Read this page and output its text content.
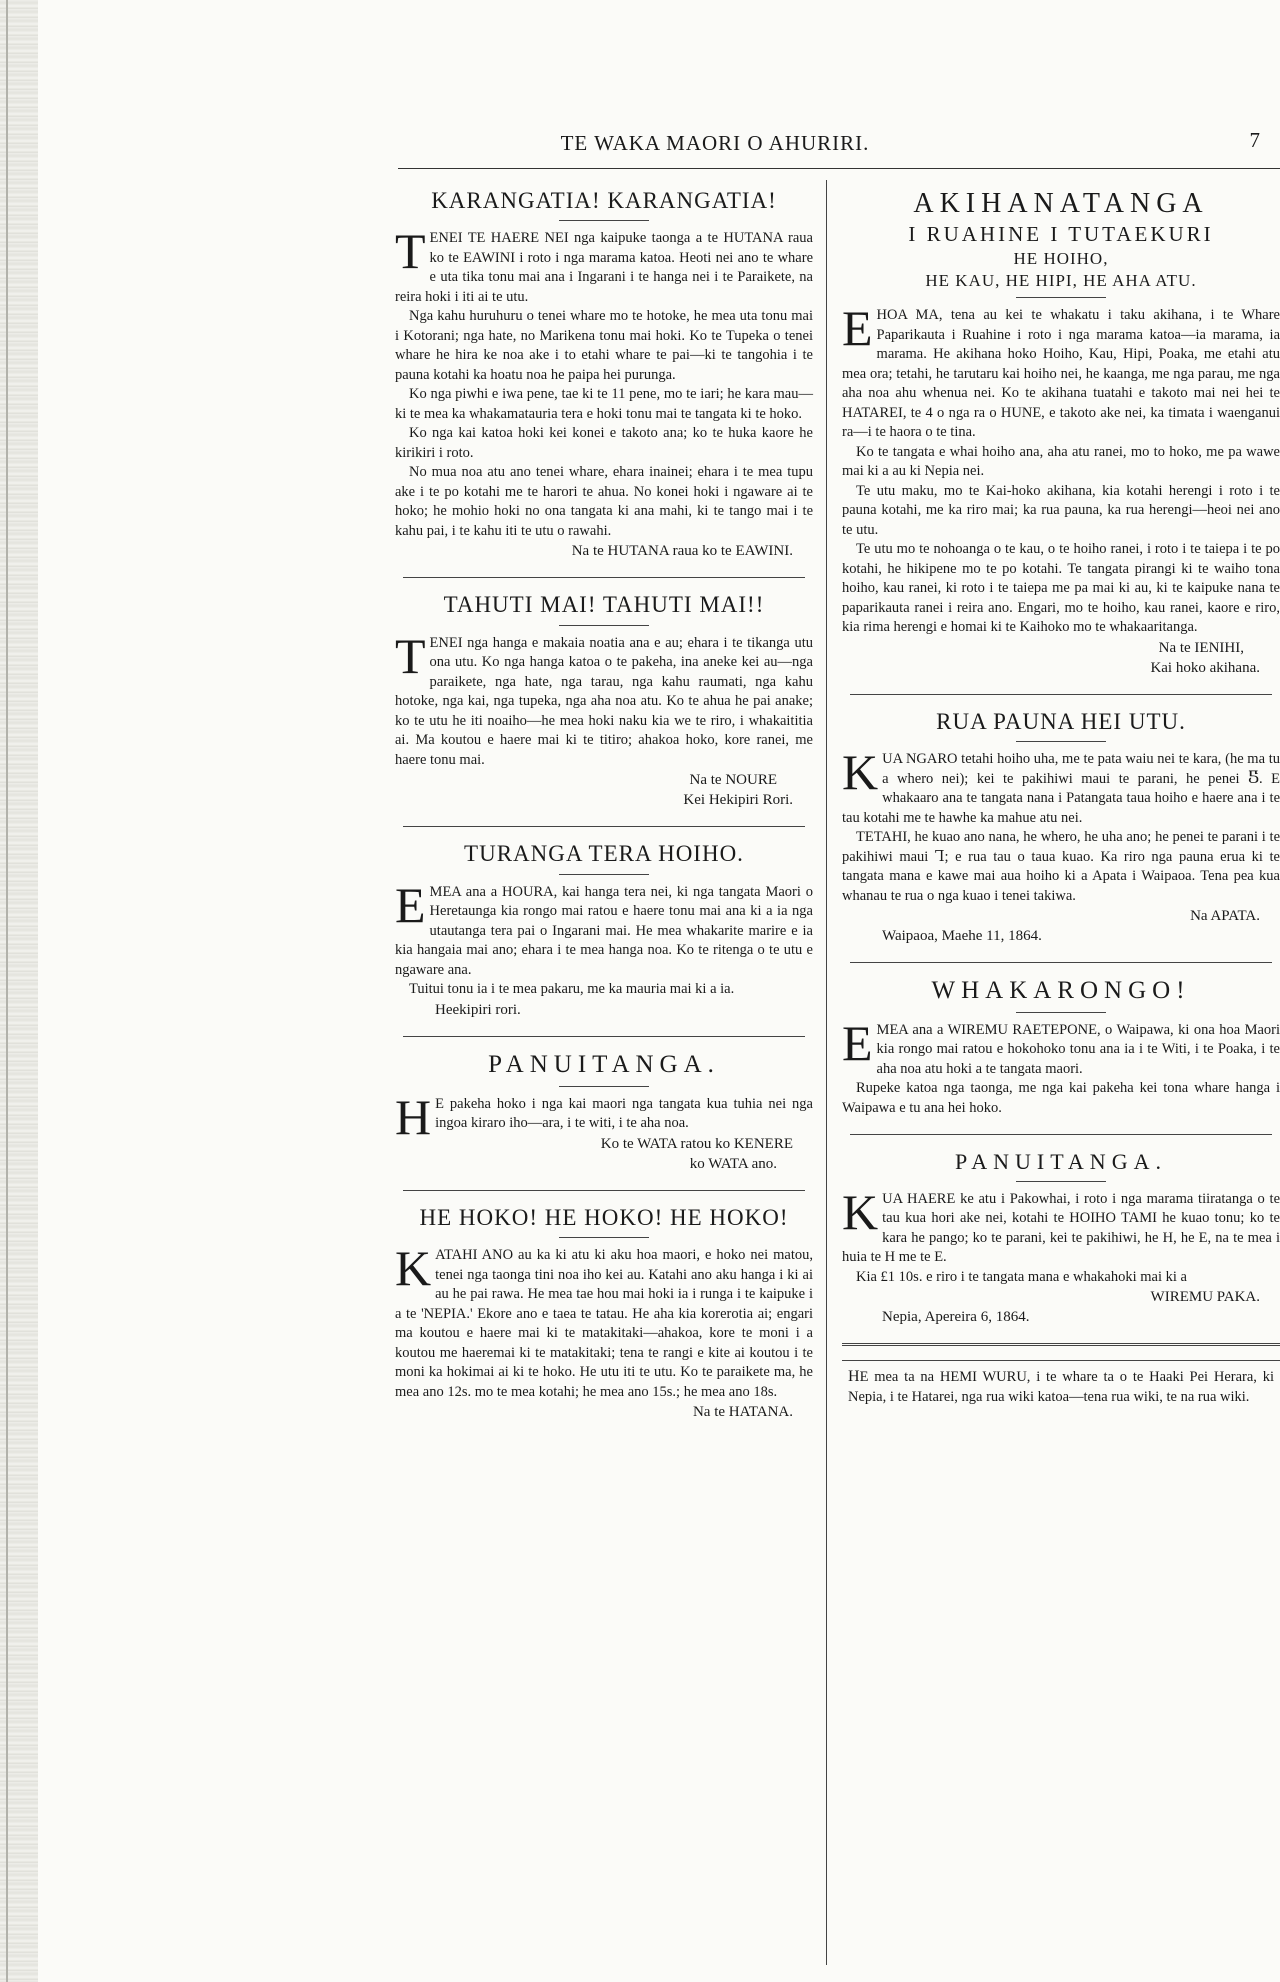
TE WAKA MAORI O AHURIRI.	7
KARANGATIA! KARANGATIA!

TENEI TE HAERE NEI nga kaipuke taonga a te HUTANA raua ko te EAWINI i roto i nga marama katoa. Heoti nei ano te whare e uta tika tonu mai ana i Ingarani i te hanga nei i te Paraikete, na reira hoki i iti ai te utu.

Nga kahu huruhuru o tenei whare mo te hotoke, he mea uta tonu mai i Kotorani; nga hate, no Marikena tonu mai hoki. Ko te Tupeka o tenei whare he hira ke noa ake i to etahi whare te pai—ki te tangohia i te pauna kotahi ka hoatu noa he paipa hei purunga.

Ko nga piwhi e iwa pene, tae ki te 11 pene, mo te iari; he kara mau—ki te mea ka whakamatauria tera e hoki tonu mai te tangata ki te hoko.

Ko nga kai katoa hoki kei konei e takoto ana; ko te huka kaore he kirikiri i roto.

No mua noa atu ano tenei whare, ehara inainei; ehara i te mea tupu ake i te po kotahi me te harori te ahua. No konei hoki i ngaware ai te hoko; he mohio hoki no ona tangata ki ana mahi, ki te tango mai i te kahu pai, i te kahu iti te utu o rawahi.

Na te HUTANA raua ko te EAWINI.
TAHUTI MAI! TAHUTI MAI!!

TENEI nga hanga e makaia noatia ana e au; ehara i te tikanga utu ona utu. Ko nga hanga katoa o te pakeha, ina aneke kei au—nga paraikete, nga hate, nga tarau, nga kahu raumati, nga kahu hotoke, nga kai, nga tupeka, nga aha noa atu. Ko te ahua he pai anake; ko te utu he iti noaiho—he mea hoki naku kia we te riro, i whakaititia ai. Ma koutou e haere mai ki te titiro; ahakoa hoko, kore ranei, me haere tonu mai.

Na te NOURE
Kei Hekipiri Rori.
TURANGA TERA HOIHO.

EMEA ana a HOURA, kai hanga tera nei, ki nga tangata Maori o Heretaunga kia rongo mai ratou e haere tonu mai ana ki a ia nga utautanga tera pai o Ingarani mai. He mea whakarite marire e ia kia hangaia mai ano; ehara i te mea hanga noa. Ko te ritenga o te utu e ngaware ana.

Tuitui tonu ia i te mea pakaru, me ka mauria mai ki a ia.

Heekipiri rori.
PANUITANGA.

HE pakeha hoko i nga kai maori nga tangata kua tuhia nei nga ingoa kiraro iho—ara, i te witi, i te aha noa.

Ko te WATA ratou ko KENERE
ko WATA ano.
HE HOKO! HE HOKO! HE HOKO!

KATAHI ANO au ka ki atu ki aku hoa maori, e hoko nei matou, tenei nga taonga tini noa iho kei au. Katahi ano aku hanga i ki ai au he pai rawa. He mea tae hou mai hoki ia i runga i te kaipuke i a te 'NEPIA.' Ekore ano e taea te tatau. He aha kia korerotia ai; engari ma koutou e haere mai ki te matakitaki—ahakoa, kore te moni i a koutou me haeremai ki te matakitaki; tena te rangi e kite ai koutou i te moni ka hokimai ai ki te hoko. He utu iti te utu. Ko te paraikete ma, he mea ano 12s. mo te mea kotahi; he mea ano 15s.; he mea ano 18s.

Na te HATANA.
AKIHANATANGA
I RUAHINE I TUTAEKURI
HE HOIHO,
HE KAU, HE HIPI, HE AHA ATU.

EHOA MA, tena au kei te whakatu i taku akihana, i te Whare Paparikauta i Ruahine i roto i nga marama katoa—ia marama, ia marama. He akihana hoko Hoiho, Kau, Hipi, Poaka, me etahi atu mea ora; tetahi, he tarutaru kai hoiho nei, he kaanga, me nga parau, me nga aha noa ahu whenua nei. Ko te akihana tuatahi e takoto mai nei hei te HATAREI, te 4 o nga ra o HUNE, e takoto ake nei, ka timata i waenganui ra—i te haora o te tina.

Ko te tangata e whai hoiho ana, aha atu ranei, mo to hoko, me pa wawe mai ki a au ki Nepia nei.

Te utu maku, mo te Kai-hoko akihana, kia kotahi herengi i roto i te pauna kotahi, me ka riro mai; ka rua pauna, ka rua herengi—heoi nei ano te utu.

Te utu mo te nohoanga o te kau, o te hoiho ranei, i roto i te taiepa i te po kotahi, he hikipene mo te po kotahi. Te tangata pirangi ki te waiho tona hoiho, kau ranei, ki roto i te taiepa me pa mai ki au, ki te kaipuke nana te paparikauta ranei i reira ano. Engari, mo te hoiho, kau ranei, kaore e riro, kia rima herengi e homai ki te Kaihoko mo te whakaaritanga.

Na te IENIHI,
Kai hoko akihana.
RUA PAUNA HEI UTU.

KUA NGARO tetahi hoiho uha, me te pata waiu nei te kara, (he ma tu a whero nei); kei te pakihiwi maui te parani, he penei Ⴝ. E whakaaro ana te tangata nana i Patangata taua hoiho e haere ana i te tau kotahi me te hawhe ka mahue atu nei.

TETAHI, he kuao ano nana, he whero, he uha ano; he penei te parani i te pakihiwi maui Ꞁ; e rua tau o taua kuao. Ka riro nga pauna erua ki te tangata mana e kawe mai aua hoiho ki a Apata i Waipaoa. Tena pea kua whanau te rua o nga kuao i tenei takiwa.

Na APATA.
Waipaoa, Maehe 11, 1864.
WHAKARONGO!

EMEA ana a WIREMU RAETEPONE, o Waipawa, ki ona hoa Maori kia rongo mai ratou e hokohoko tonu ana ia i te Witi, i te Poaka, i te aha noa atu hoki a te tangata maori.

Rupeke katoa nga taonga, me nga kai pakeha kei tona whare hanga i Waipawa e tu ana hei hoko.

PANUITANGA.

KUA HAERE ke atu i Pakowhai, i roto i nga marama tiiratanga o te tau kua hori ake nei, kotahi te HOIHO TAMI he kuao tonu; ko te kara he pango; ko te parani, kei te pakihiwi, he H, he E, na te mea i huia te H me te E.

Kia £1 10s. e riro i te tangata mana e whakahoki mai ki a

WIREMU PAKA.
Nepia, Apereira 6, 1864.

HE mea ta na HEMI WURU, i te whare ta o te Haaki Pei Herara, ki Nepia, i te Hatarei, nga rua wiki katoa—tena rua wiki, te na rua wiki.
